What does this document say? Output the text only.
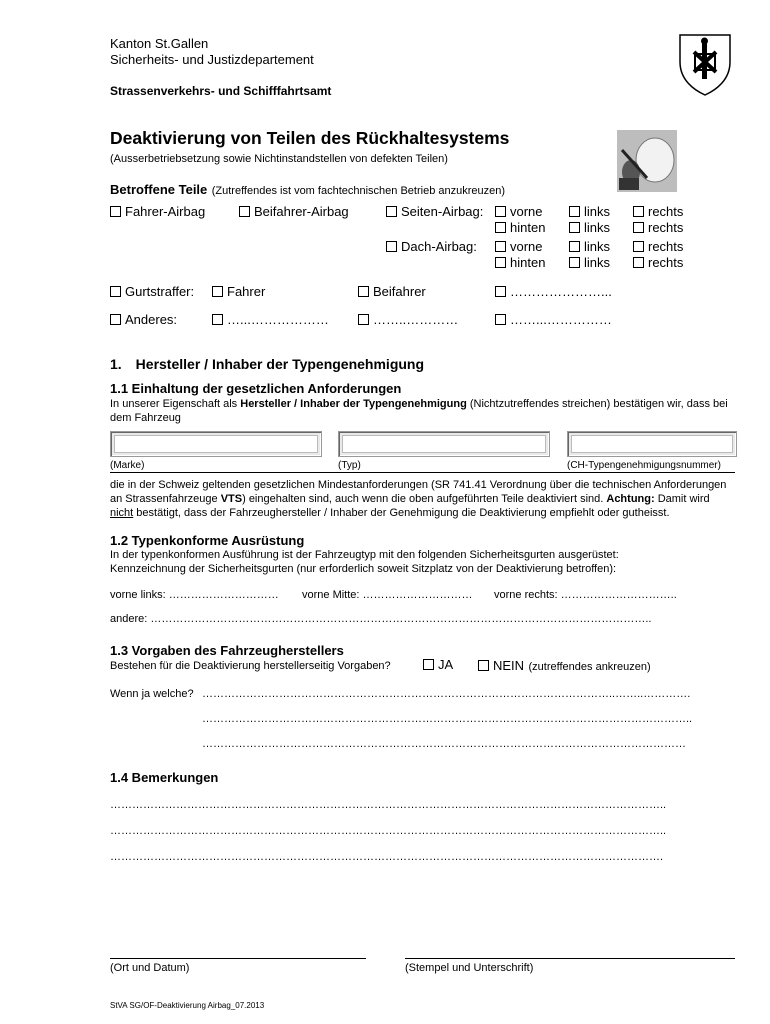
Kanton St.Gallen
Sicherheits- und Justizdepartement
Strassenverkehrs- und Schifffahrtsamt
Deaktivierung von Teilen des Rückhaltesystems
(Ausserbetriebsetzung sowie Nichtinstandstellen von defekten Teilen)
Betroffene Teile (Zutreffendes ist vom fachtechnischen Betrieb anzukreuzen)
Fahrer-Airbag	Beifahrer-Airbag	Seiten-Airbag:	vorne	links	rechts
hinten	links	rechts
Dach-Airbag:	vorne	links	rechts
hinten	links	rechts
Gurtstraffer:	Fahrer	Beifahrer	…………………...
Anderes:	…...………………	……..…………	……...……………
1. Hersteller / Inhaber der Typengenehmigung
1.1 Einhaltung der gesetzlichen Anforderungen
In unserer Eigenschaft als Hersteller / Inhaber der Typengenehmigung (Nichtzutreffendes streichen) bestätigen wir, dass bei
dem Fahrzeug
(Marke)	(Typ)	(CH-Typengenehmigungsnummer)
die in der Schweiz geltenden gesetzlichen Mindestanforderungen (SR 741.41 Verordnung über die technischen Anforderungen
an Strassenfahrzeuge VTS) eingehalten sind, auch wenn die oben aufgeführten Teile deaktiviert sind. Achtung: Damit wird
nicht bestätigt, dass der Fahrzeughersteller / Inhaber der Genehmigung die Deaktivierung empfiehlt oder gutheisst.
1.2 Typenkonforme Ausrüstung
In der typenkonformen Ausführung ist der Fahrzeugtyp mit den folgenden Sicherheitsgurten ausgerüstet:
Kennzeichnung der Sicherheitsgurten (nur erforderlich soweit Sitzplatz von der Deaktivierung betroffen):
vorne links: ………………………… vorne Mitte: ………………………… vorne rechts: …………………………..
andere: ………………………………………………………………………………………………………………………..
1.3 Vorgaben des Fahrzeugherstellers
Bestehen für die Deaktivierung herstellerseitig Vorgaben?	JA	NEIN (zutreffendes ankreuzen)
Wenn ja welche? …………………………………………………………………………………………………..……..………….
……………………………………………………………………………………………………………………..
……………………………………………………………………………………………………………………
1.4 Bemerkungen
……………………………………………………………………………………………………………………………………..
……………………………………………………………………………………………………………………………………..
…………………………………………………………………………………………………………………………………….
(Ort und Datum)	(Stempel und Unterschrift)
StVA SG/OF-Deaktivierung Airbag_07.2013
